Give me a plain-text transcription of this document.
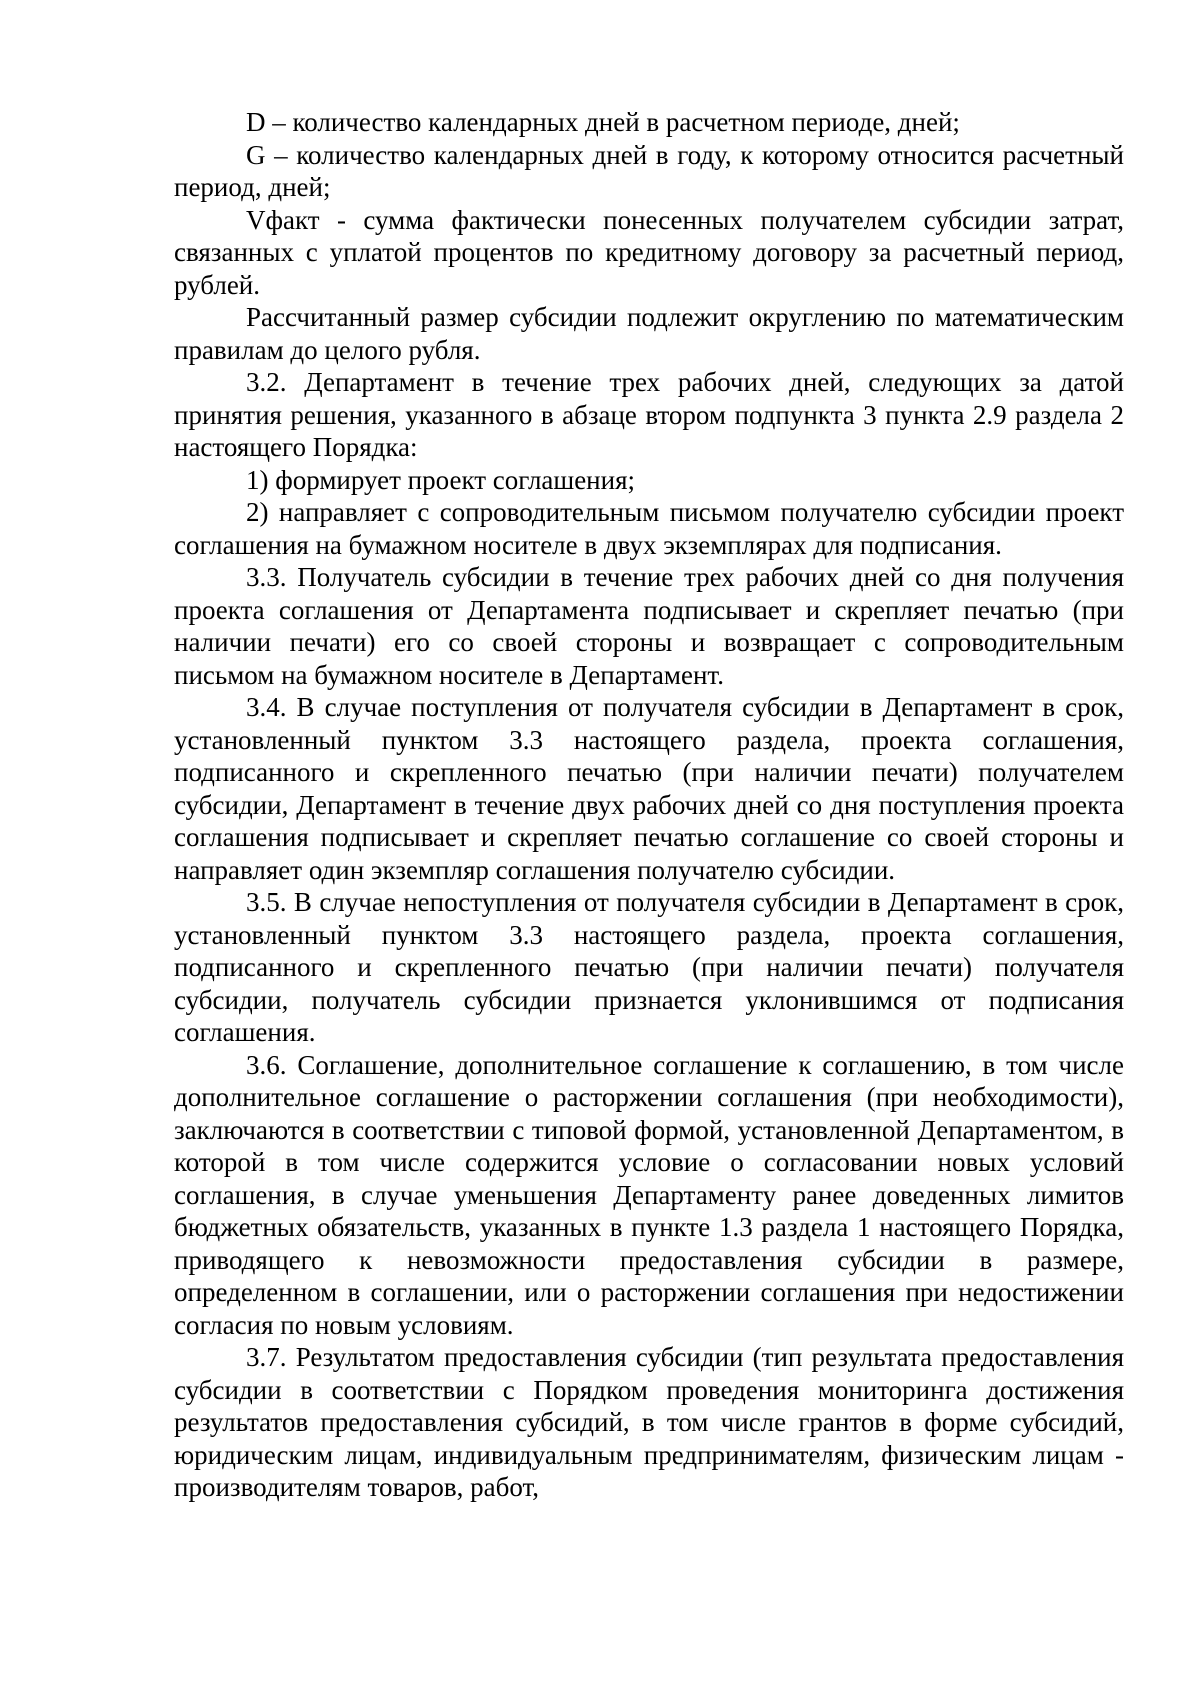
D – количество календарных дней в расчетном периоде, дней;

G – количество календарных дней в году, к которому относится расчетный период, дней;

Vфакт - сумма фактически понесенных получателем субсидии затрат, связанных с уплатой процентов по кредитному договору за расчетный период, рублей.

Рассчитанный размер субсидии подлежит округлению по математическим правилам до целого рубля.

3.2. Департамент в течение трех рабочих дней, следующих за датой принятия решения, указанного в абзаце втором подпункта 3 пункта 2.9 раздела 2 настоящего Порядка:

1) формирует проект соглашения;

2) направляет с сопроводительным письмом получателю субсидии проект соглашения на бумажном носителе в двух экземплярах для подписания.

3.3. Получатель субсидии в течение трех рабочих дней со дня получения проекта соглашения от Департамента подписывает и скрепляет печатью (при наличии печати) его со своей стороны и возвращает с сопроводительным письмом на бумажном носителе в Департамент.

3.4. В случае поступления от получателя субсидии в Департамент в срок, установленный пунктом 3.3 настоящего раздела, проекта соглашения, подписанного и скрепленного печатью (при наличии печати) получателем субсидии, Департамент в течение двух рабочих дней со дня поступления проекта соглашения подписывает и скрепляет печатью соглашение со своей стороны и направляет один экземпляр соглашения получателю субсидии.

3.5. В случае непоступления от получателя субсидии в Департамент в срок, установленный пунктом 3.3 настоящего раздела, проекта соглашения, подписанного и скрепленного печатью (при наличии печати) получателя субсидии, получатель субсидии признается уклонившимся от подписания соглашения.

3.6. Соглашение, дополнительное соглашение к соглашению, в том числе дополнительное соглашение о расторжении соглашения (при необходимости), заключаются в соответствии с типовой формой, установленной Департаментом, в которой в том числе содержится условие о согласовании новых условий соглашения, в случае уменьшения Департаменту ранее доведенных лимитов бюджетных обязательств, указанных в пункте 1.3 раздела 1 настоящего Порядка, приводящего к невозможности предоставления субсидии в размере, определенном в соглашении, или о расторжении соглашения при недостижении согласия по новым условиям.

3.7. Результатом предоставления субсидии (тип результата предоставления субсидии в соответствии с Порядком проведения мониторинга достижения результатов предоставления субсидий, в том числе грантов в форме субсидий, юридическим лицам, индивидуальным предпринимателям, физическим лицам - производителям товаров, работ,
